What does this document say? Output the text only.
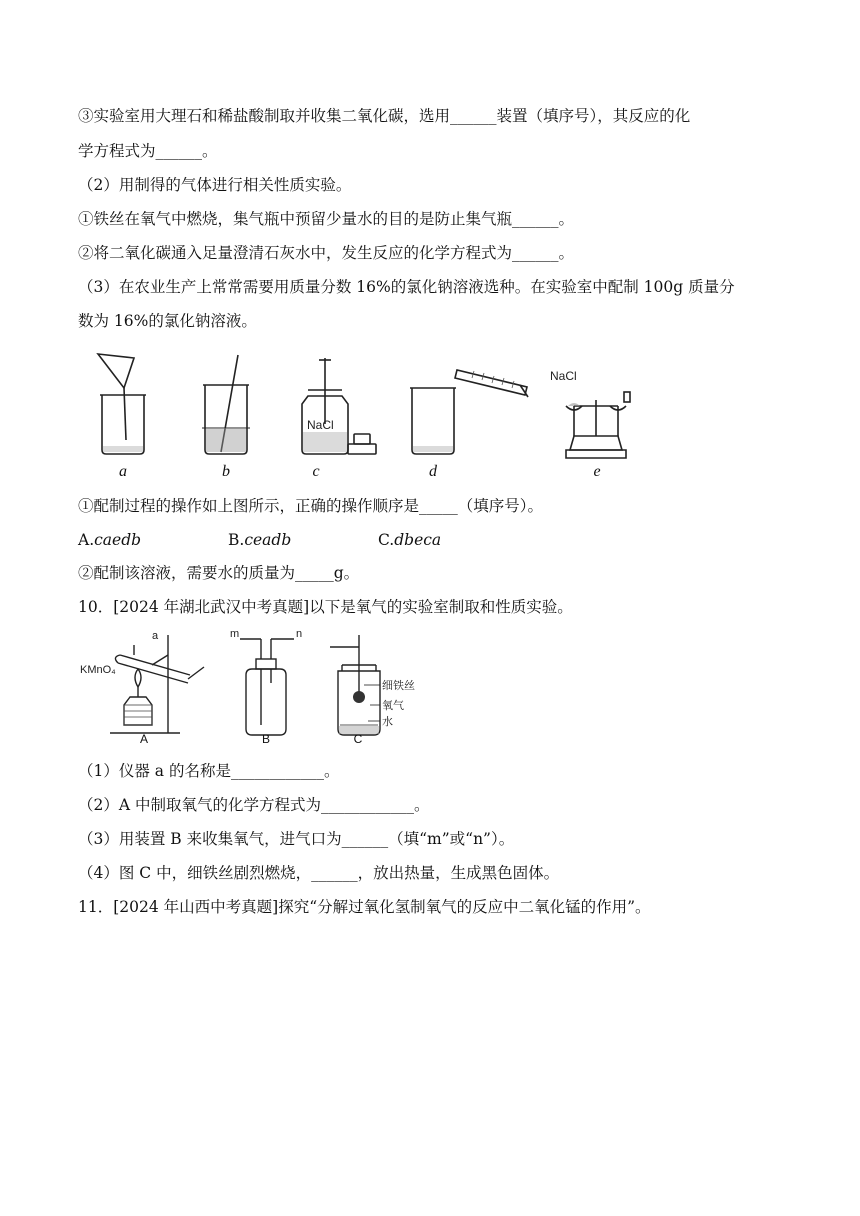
③实验室用大理石和稀盐酸制取并收集二氧化碳，选用______装置（填序号），其反应的化
学方程式为______。
（2）用制得的气体进行相关性质实验。
①铁丝在氧气中燃烧，集气瓶中预留少量水的目的是防止集气瓶______。
②将二氧化碳通入足量澄清石灰水中，发生反应的化学方程式为______。
（3）在农业生产上常常需要用质量分数 16%的氯化钠溶液选种。在实验室中配制 100g 质量分
数为 16%的氯化钠溶液。
NaCl
NaCl
a	b	c	d	e
①配制过程的操作如上图所示，正确的操作顺序是_____（填序号）。
A.caedb	B.ceadb	C.dbeca
②配制该溶液，需要水的质量为_____g。
10．[2024 年湖北武汉中考真题]以下是氧气的实验室制取和性质实验。
a
KMnO₄
m	n
细铁丝
氧气
水
A	B	C
（1）仪器 a 的名称是____________。
（2）A 中制取氧气的化学方程式为____________。
（3）用装置 B 来收集氧气，进气口为______（填“m”或“n”）。
（4）图 C 中，细铁丝剧烈燃烧，______，放出热量，生成黑色固体。
11．[2024 年山西中考真题]探究“分解过氧化氢制氧气的反应中二氧化锰的作用”。
